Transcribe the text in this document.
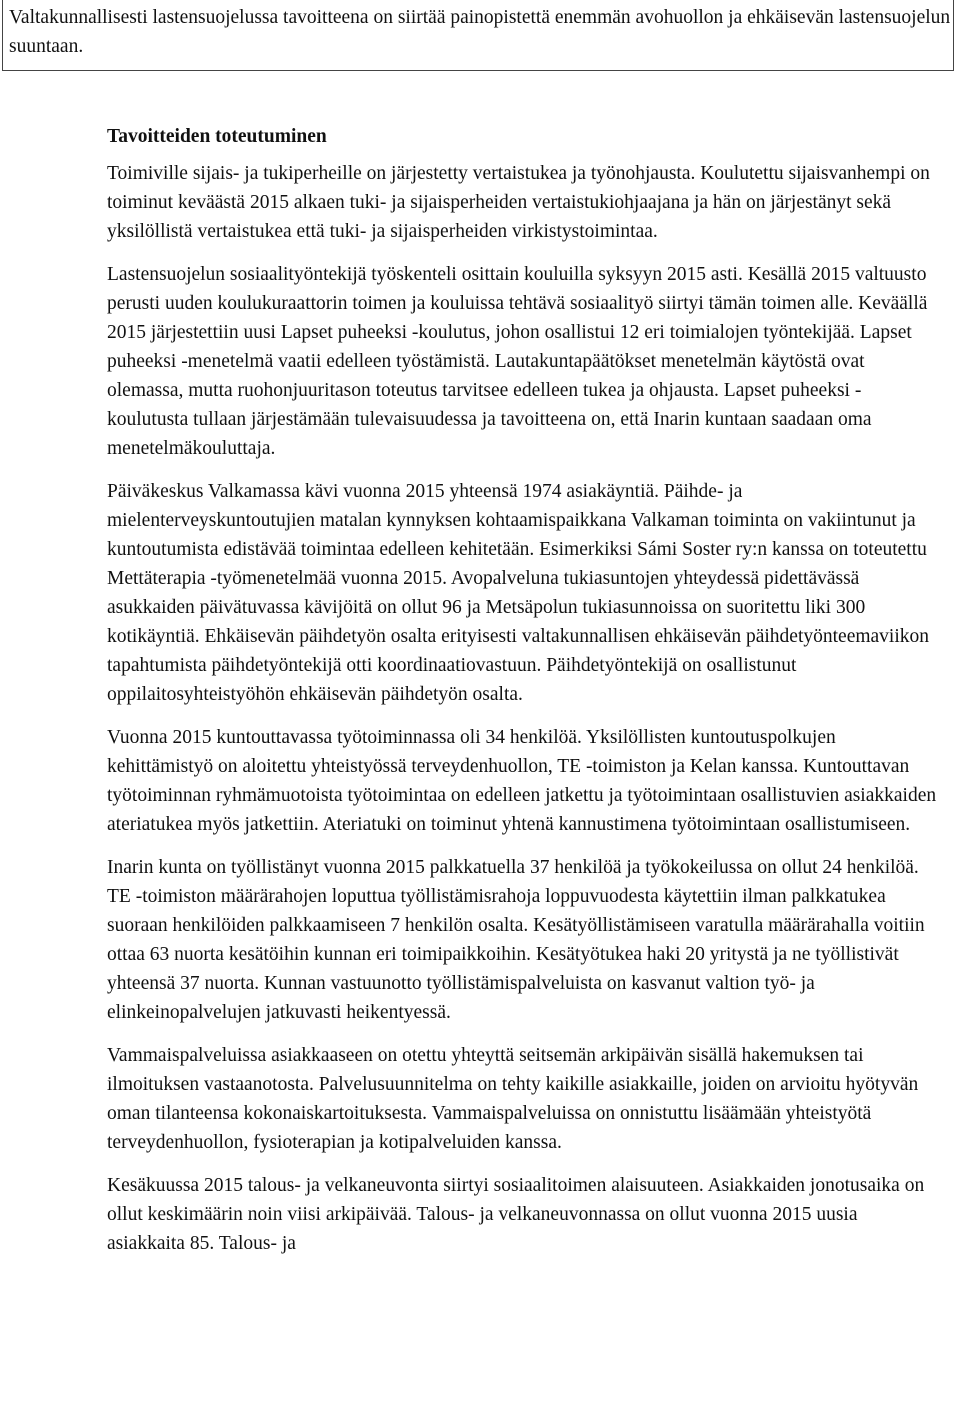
Valtakunnallisesti lastensuojelussa tavoitteena on siirtää painopistettä enemmän avohuollon ja ehkäisevän lastensuojelun suuntaan.
Tavoitteiden toteutuminen

Toimiville sijais- ja tukiperheille on järjestetty vertaistukea ja työnohjausta. Koulutettu sijaisvanhempi on toiminut keväästä 2015 alkaen tuki- ja sijaisperheiden vertaistukiohjaajana ja hän on järjestänyt sekä yksilöllistä vertaistukea että tuki- ja sijaisperheiden virkistystoimintaa.

Lastensuojelun sosiaalityöntekijä työskenteli osittain kouluilla syksyyn 2015 asti. Kesällä 2015 valtuusto perusti uuden koulukuraattorin toimen ja kouluissa tehtävä sosiaalityö siirtyi tämän toimen alle. Keväällä 2015 järjestettiin uusi Lapset puheeksi -koulutus, johon osallistui 12 eri toimialojen työntekijää. Lapset puheeksi -menetelmä vaatii edelleen työstämistä. Lautakuntapäätökset menetelmän käytöstä ovat olemassa, mutta ruohonjuuritason toteutus tarvitsee edelleen tukea ja ohjausta. Lapset puheeksi -koulutusta tullaan järjestämään tulevaisuudessa ja tavoitteena on, että Inarin kuntaan saadaan oma menetelmäkouluttaja.

Päiväkeskus Valkamassa kävi vuonna 2015 yhteensä 1974 asiakäyntiä. Päihde- ja mielenterveyskuntoutujien matalan kynnyksen kohtaamispaikkana Valkaman toiminta on vakiintunut ja kuntoutumista edistävää toimintaa edelleen kehitetään. Esimerkiksi Sámi Soster ry:n kanssa on toteutettu Mettäterapia -työmenetelmää vuonna 2015. Avopalveluna tukiasuntojen yhteydessä pidettävässä asukkaiden päivätuvassa kävijöitä on ollut 96 ja Metsäpolun tukiasunnoissa on suoritettu liki 300 kotikäyntiä. Ehkäisevän päihdetyön osalta erityisesti valtakunnallisen ehkäisevän päihdetyönteemaviikon tapahtumista päihdetyöntekijä otti koordinaatiovastuun. Päihdetyöntekijä on osallistunut oppilaitosyhteistyöhön ehkäisevän päihdetyön osalta.

Vuonna 2015 kuntouttavassa työtoiminnassa oli 34 henkilöä. Yksilöllisten kuntoutuspolkujen kehittämistyö on aloitettu yhteistyössä terveydenhuollon, TE -toimiston ja Kelan kanssa. Kuntouttavan työtoiminnan ryhmämuotoista työtoimintaa on edelleen jatkettu ja työtoimintaan osallistuvien asiakkaiden ateriatukea myös jatkettiin. Ateriatuki on toiminut yhtenä kannustimena työtoimintaan osallistumiseen.

Inarin kunta on työllistänyt vuonna 2015 palkkatuella 37 henkilöä ja työkokeilussa on ollut 24 henkilöä. TE -toimiston määrärahojen loputtua työllistämisrahoja loppuvuodesta käytettiin ilman palkkatukea suoraan henkilöiden palkkaamiseen 7 henkilön osalta. Kesätyöllistämiseen varatulla määrärahalla voitiin ottaa 63 nuorta kesätöihin kunnan eri toimipaikkoihin. Kesätyötukea haki 20 yritystä ja ne työllistivät yhteensä 37 nuorta. Kunnan vastuunotto työllistämispalveluista on kasvanut valtion työ- ja elinkeinopalvelujen jatkuvasti heikentyessä.

Vammaispalveluissa asiakkaaseen on otettu yhteyttä seitsemän arkipäivän sisällä hakemuksen tai ilmoituksen vastaanotosta. Palvelusuunnitelma on tehty kaikille asiakkaille, joiden on arvioitu hyötyvän oman tilanteensa kokonaiskartoituksesta. Vammaispalveluissa on onnistuttu lisäämään yhteistyötä terveydenhuollon, fysioterapian ja kotipalveluiden kanssa.

Kesäkuussa 2015 talous- ja velkaneuvonta siirtyi sosiaalitoimen alaisuuteen. Asiakkaiden jonotusaika on ollut keskimäärin noin viisi arkipäivää. Talous- ja velkaneuvonnassa on ollut vuonna 2015 uusia asiakkaita 85. Talous- ja
